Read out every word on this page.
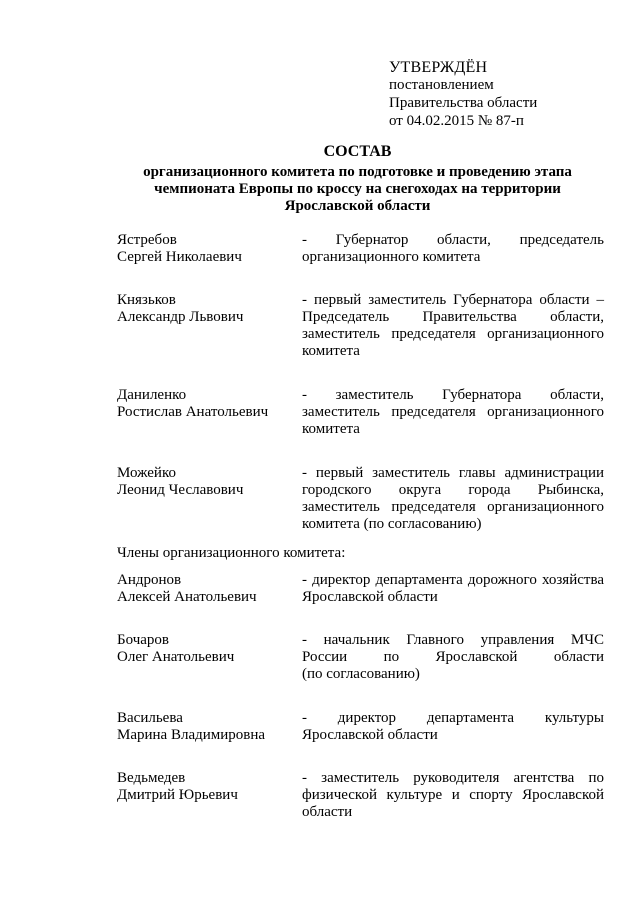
УТВЕРЖДЁН
постановлением
Правительства области
от 04.02.2015 № 87-п
СОСТАВ
организационного комитета по подготовке и проведению этапа
чемпионата Европы по кроссу на снегоходах на территории
Ярославской области
Ястребов
Сергей Николаевич
- Губернатор области, председатель
организационного комитета
Князьков
Александр Львович
- первый заместитель Губернатора области –
Председатель Правительства области,
заместитель председателя организационного
комитета
Даниленко
Ростислав Анатольевич
- заместитель Губернатора области,
заместитель председателя организационного
комитета
Можейко
Леонид Чеславович
- первый заместитель главы администрации
городского округа города Рыбинска,
заместитель председателя организационного
комитета (по согласованию)
Члены организационного комитета:
Андронов
Алексей Анатольевич
- директор департамента дорожного хозяйства
Ярославской области
Бочаров
Олег Анатольевич
- начальник Главного управления МЧС
России по Ярославской области
(по согласованию)
Васильева
Марина Владимировна
- директор департамента культуры
Ярославской области
Ведьмедев
Дмитрий Юрьевич
- заместитель руководителя агентства по
физической культуре и спорту Ярославской
области
